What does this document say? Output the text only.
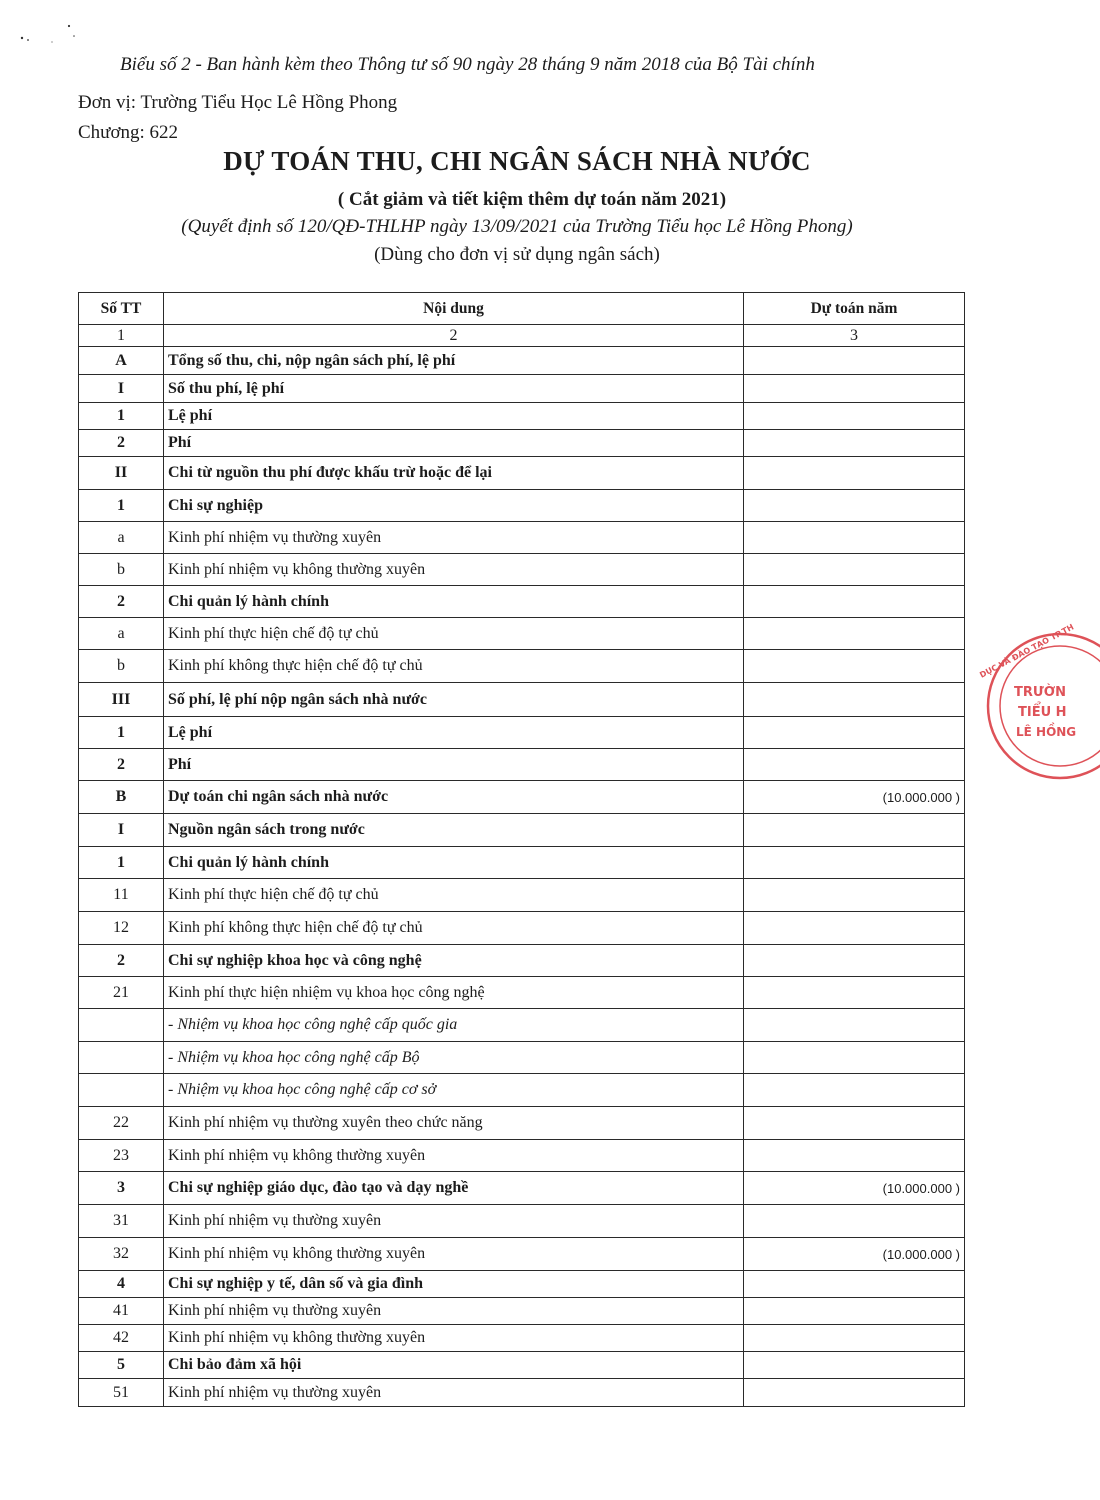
Biểu số 2 - Ban hành kèm theo Thông tư số 90 ngày 28 tháng 9 năm 2018 của Bộ Tài chính
Đơn vị: Trường Tiểu Học Lê Hồng Phong
Chương: 622
DỰ TOÁN THU, CHI NGÂN SÁCH NHÀ NƯỚC
( Cắt giảm và tiết kiệm thêm dự toán năm 2021)
(Quyết định số 120/QĐ-THLHP ngày 13/09/2021 của Trường Tiểu học Lê Hồng Phong)
(Dùng cho đơn vị sử dụng ngân sách)
Số TT	Nội dung	Dự toán năm
1	2	3
A	Tổng số thu, chi, nộp ngân sách phí, lệ phí	
I	Số thu phí, lệ phí	
1	Lệ phí	
2	Phí	
II	Chi từ nguồn thu phí được khấu trừ hoặc để lại	
1	Chi sự nghiệp	
a	Kinh phí nhiệm vụ thường xuyên	
b	Kinh phí nhiệm vụ không thường xuyên	
2	Chi quản lý hành chính	
a	Kinh phí thực hiện chế độ tự chủ	
b	Kinh phí không thực hiện chế độ tự chủ	
III	Số phí, lệ phí nộp ngân sách nhà nước	
1	Lệ phí	
2	Phí	
B	Dự toán chi ngân sách nhà nước	(10.000.000 )
I	Nguồn ngân sách trong nước	
1	Chi quản lý hành chính	
11	Kinh phí thực hiện chế độ tự chủ	
12	Kinh phí không thực hiện chế độ tự chủ	
2	Chi sự nghiệp khoa học và công nghệ	
21	Kinh phí thực hiện nhiệm vụ khoa học công nghệ	
	- Nhiệm vụ khoa học công nghệ cấp quốc gia	
	- Nhiệm vụ khoa học công nghệ cấp Bộ	
	- Nhiệm vụ khoa học công nghệ cấp cơ sở	
22	Kinh phí nhiệm vụ thường xuyên theo chức năng	
23	Kinh phí nhiệm vụ không thường xuyên	
3	Chi sự nghiệp giáo dục, đào tạo và dạy nghề	(10.000.000 )
31	Kinh phí nhiệm vụ thường xuyên	
32	Kinh phí nhiệm vụ không thường xuyên	(10.000.000 )
4	Chi sự nghiệp y tế, dân số và gia đình	
41	Kinh phí nhiệm vụ thường xuyên	
42	Kinh phí nhiệm vụ không thường xuyên	
5	Chi bảo đảm xã hội	
51	Kinh phí nhiệm vụ thường xuyên	
TRƯỜN
TIỂU H
LÊ HỒNG
DỤC VÀ ĐÀO TẠO TP.TH
